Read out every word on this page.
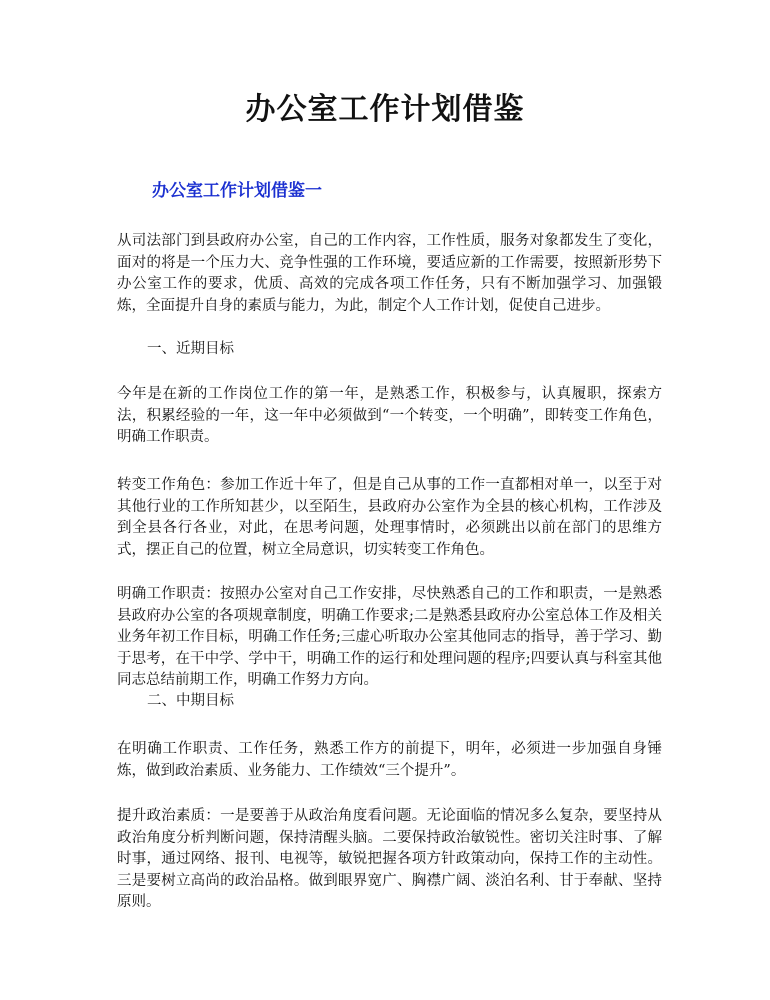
办公室工作计划借鉴
办公室工作计划借鉴一

从司法部门到县政府办公室，自己的工作内容，工作性质，服务对象都发生了变化，面对的将是一个压力大、竞争性强的工作环境，要适应新的工作需要，按照新形势下办公室工作的要求，优质、高效的完成各项工作任务，只有不断加强学习、加强锻炼，全面提升自身的素质与能力，为此，制定个人工作计划，促使自己进步。

一、近期目标

今年是在新的工作岗位工作的第一年，是熟悉工作，积极参与，认真履职，探索方法，积累经验的一年，这一年中必须做到“一个转变，一个明确”，即转变工作角色，明确工作职责。

转变工作角色：参加工作近十年了，但是自己从事的工作一直都相对单一，以至于对其他行业的工作所知甚少，以至陌生，县政府办公室作为全县的核心机构，工作涉及到全县各行各业，对此，在思考问题，处理事情时，必须跳出以前在部门的思维方式，摆正自己的位置，树立全局意识，切实转变工作角色。

明确工作职责：按照办公室对自己工作安排，尽快熟悉自己的工作和职责，一是熟悉县政府办公室的各项规章制度，明确工作要求;二是熟悉县政府办公室总体工作及相关业务年初工作目标，明确工作任务;三虚心听取办公室其他同志的指导，善于学习、勤于思考，在干中学、学中干，明确工作的运行和处理问题的程序;四要认真与科室其他同志总结前期工作，明确工作努力方向。

二、中期目标

在明确工作职责、工作任务，熟悉工作方的前提下，明年，必须进一步加强自身锤炼，做到政治素质、业务能力、工作绩效“三个提升”。

提升政治素质：一是要善于从政治角度看问题。无论面临的情况多么复杂，要坚持从政治角度分析判断问题，保持清醒头脑。二要保持政治敏锐性。密切关注时事、了解时事，通过网络、报刊、电视等，敏锐把握各项方针政策动向，保持工作的主动性。三是要树立高尚的政治品格。做到眼界宽广、胸襟广阔、淡泊名利、甘于奉献、坚持原则。
